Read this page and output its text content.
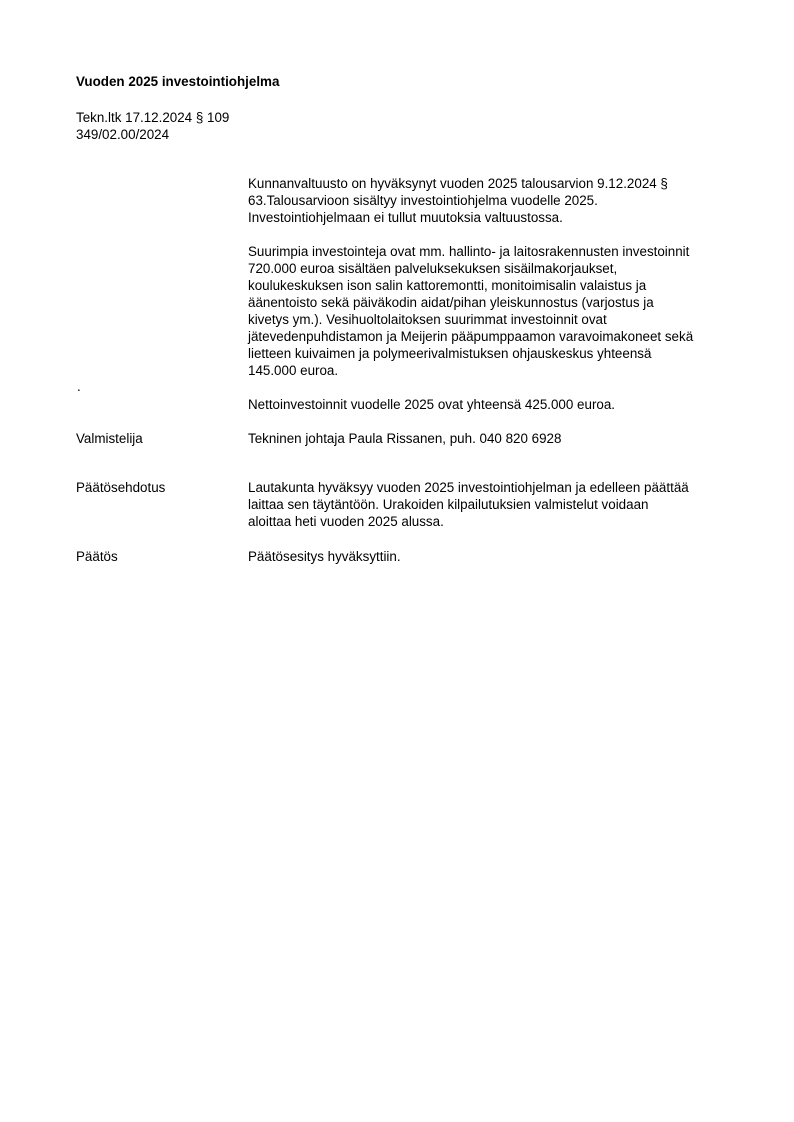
Vuoden 2025 investointiohjelma
Tekn.ltk 17.12.2024 § 109
349/02.00/2024
Kunnanvaltuusto on hyväksynyt vuoden 2025 talousarvion 9.12.2024 §
63.Talousarvioon sisältyy investointiohjelma vuodelle 2025.
Investointiohjelmaan ei tullut muutoksia valtuustossa.
Suurimpia investointeja ovat mm. hallinto- ja laitosrakennusten investoinnit
720.000 euroa sisältäen palveluksekuksen sisäilmakorjaukset,
koulukeskuksen ison salin kattoremontti, monitoimisalin valaistus ja
äänentoisto sekä päiväkodin aidat/pihan yleiskunnostus (varjostus ja
kivetys ym.). Vesihuoltolaitoksen suurimmat investoinnit ovat
jätevedenpuhdistamon ja Meijerin pääpumppaamon varavoimakoneet sekä
lietteen kuivaimen ja polymeerivalmistuksen ohjauskeskus yhteensä
145.000 euroa.
.
Nettoinvestoinnit vuodelle 2025 ovat yhteensä 425.000 euroa.
Valmistelija	Tekninen johtaja Paula Rissanen, puh. 040 820 6928
Päätösehdotus	Lautakunta hyväksyy vuoden 2025 investointiohjelman ja edelleen päättää
laittaa sen täytäntöön. Urakoiden kilpailutuksien valmistelut voidaan
aloittaa heti vuoden 2025 alussa.
Päätös	Päätösesitys hyväksyttiin.
